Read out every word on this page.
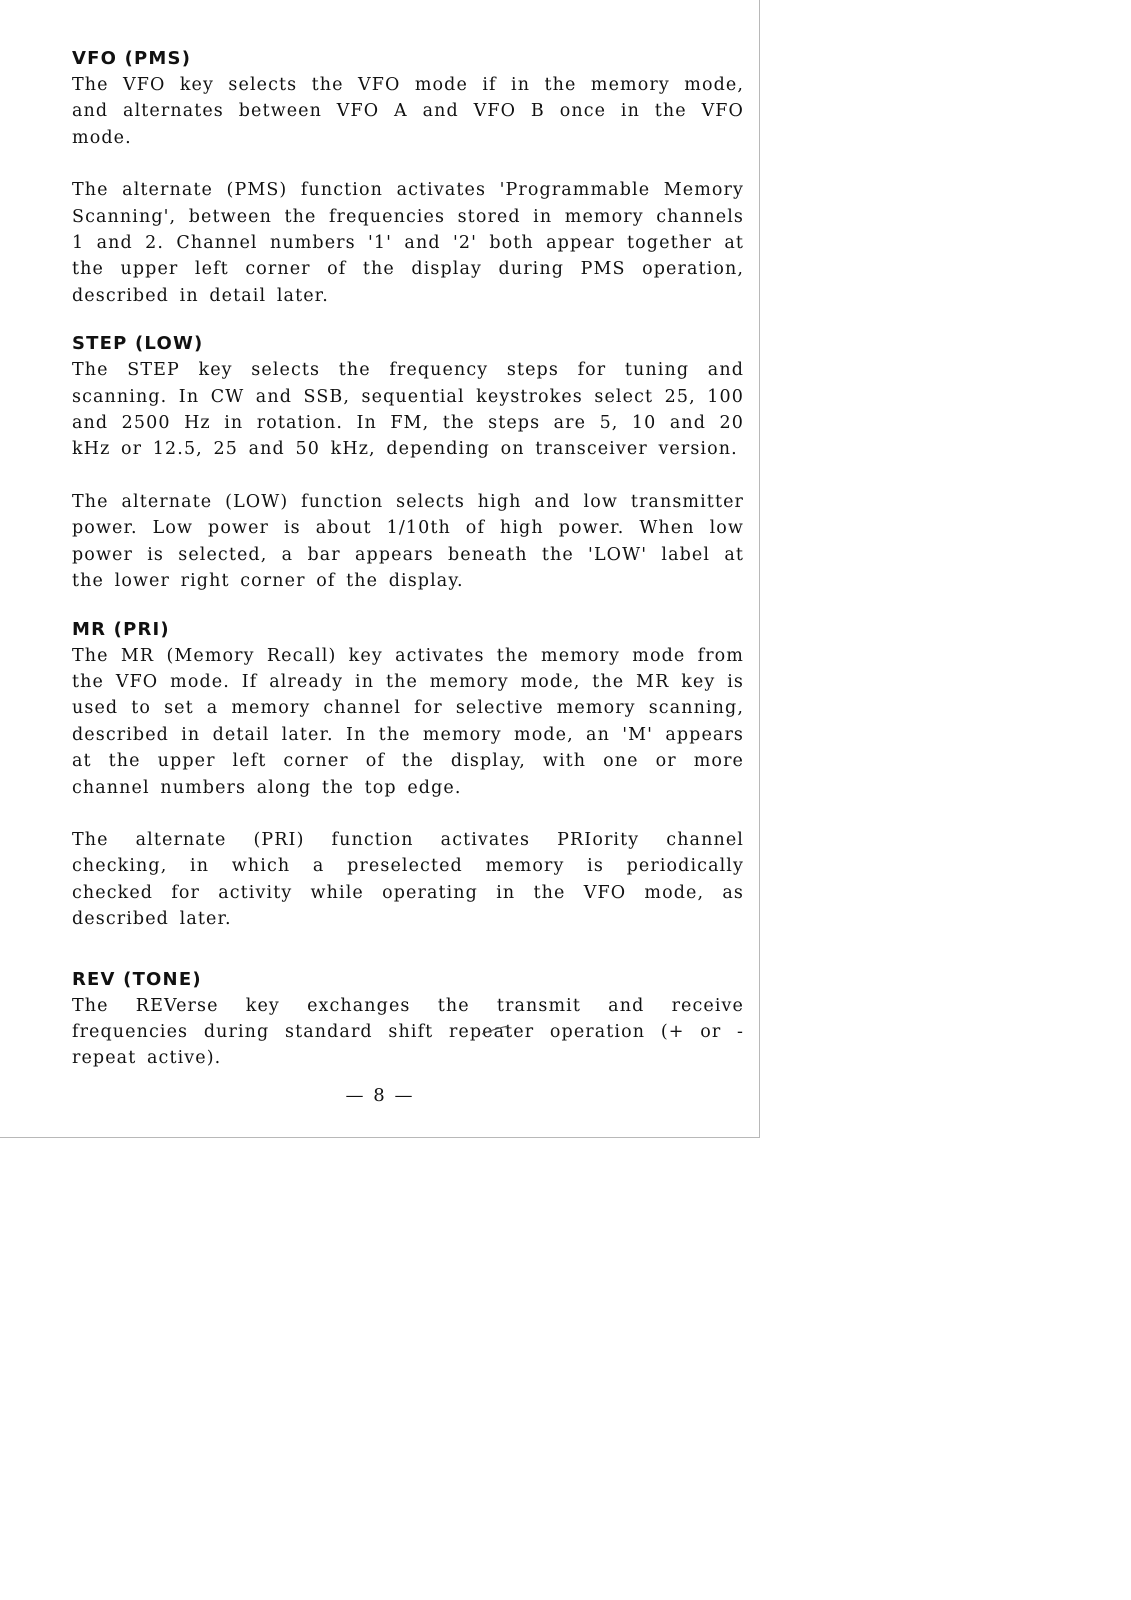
VFO (PMS)

The VFO key selects the VFO mode if in the memory mode, and alternates between VFO A and VFO B once in the VFO mode.

The alternate (PMS) function activates 'Programmable Memory Scanning', between the frequencies stored in memory channels 1 and 2. Channel numbers '1' and '2' both appear together at the upper left corner of the display during PMS operation, described in detail later.

STEP (LOW)

The STEP key selects the frequency steps for tuning and scanning. In CW and SSB, sequential keystrokes select 25, 100 and 2500 Hz in rotation. In FM, the steps are 5, 10 and 20 kHz or 12.5, 25 and 50 kHz, depending on transceiver version.

The alternate (LOW) function selects high and low transmitter power. Low power is about 1/10th of high power. When low power is selected, a bar appears beneath the 'LOW' label at the lower right corner of the display.

MR (PRI)

The MR (Memory Recall) key activates the memory mode from the VFO mode. If already in the memory mode, the MR key is used to set a memory channel for selective memory scanning, described in detail later. In the memory mode, an 'M' appears at the upper left corner of the display, with one or more channel numbers along the top edge.

The alternate (PRI) function activates PRIority channel checking, in which a preselected memory is periodically checked for activity while operating in the VFO mode, as described later.

REV (TONE)

The REVerse key exchanges the transmit and receive frequencies during standard shift repeater operation (+ or - repeat active).

— 8 —
